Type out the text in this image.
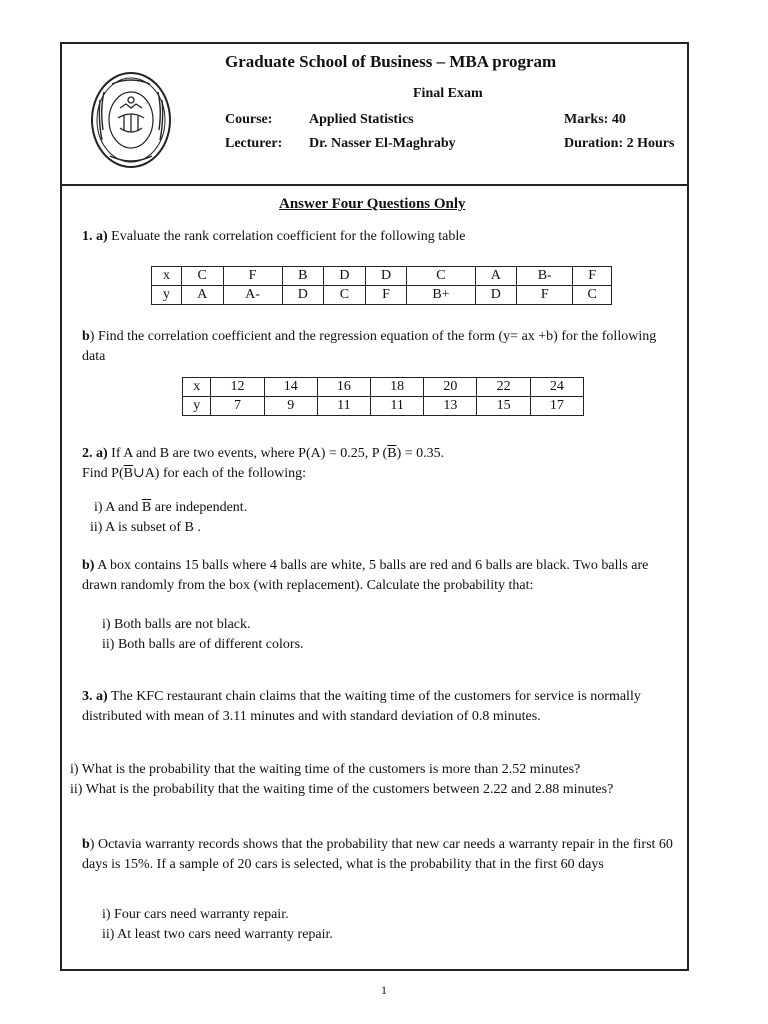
Graduate School of Business – MBA program
Final Exam
Course:	Applied Statistics	Marks: 40
Lecturer: Dr. Nasser El-Maghraby	Duration: 2 Hours
Answer Four Questions Only
1. a) Evaluate the rank correlation coefficient for the following table
x	C	F	B	D	D	C	A	B-	F
y	A	A-	D	C	F	B+	D	F	C
b) Find the correlation coefficient and the regression equation of the form (y= ax +b) for the following data
x	12	14	16	18	20	22	24
y	7	9	11	11	13	15	17
2. a) If A and B are two events, where P(A) = 0.25, P $(\overline{B}) = 0.35$.
Find $P(\overline{B}\cup A)$ for each of the following:
i) A and $\overline{B}$ are independent.
ii) A is subset of B .
b) A box contains 15 balls where 4 balls are white, 5 balls are red and 6 balls are black. Two balls are drawn randomly from the box (with replacement). Calculate the probability that:
i) Both balls are not black.
ii) Both balls are of different colors.
3. a) The KFC restaurant chain claims that the waiting time of the customers for service is normally distributed with mean of 3.11 minutes and with standard deviation of 0.8 minutes.
i) What is the probability that the waiting time of the customers is more than 2.52 minutes?
ii) What is the probability that the waiting time of the customers between 2.22 and 2.88 minutes?
b) Octavia warranty records shows that the probability that new car needs a warranty repair in the first 60 days is 15%. If a sample of 20 cars is selected, what is the probability that in the first 60 days
i) Four cars need warranty repair.
ii) At least two cars need warranty repair.
1
